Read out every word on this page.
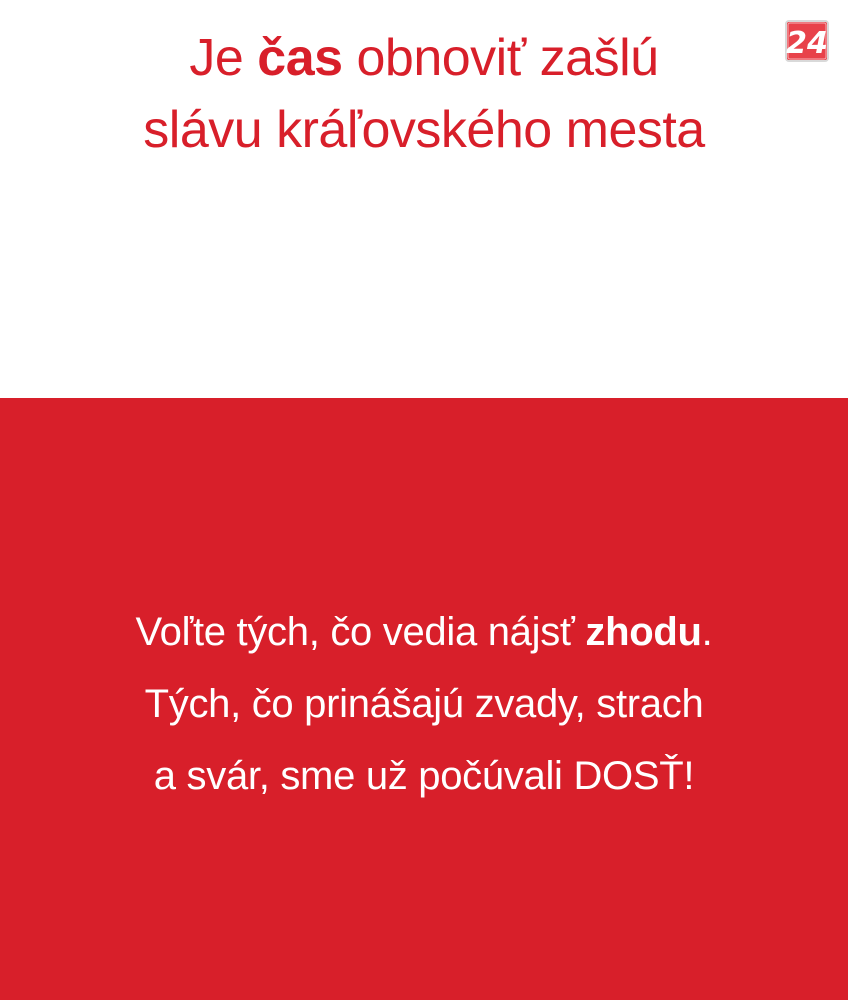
Je čas obnoviť zašlú
slávu kráľovského mesta
24
Voľte tých, čo vedia nájsť zhodu.
Tých, čo prinášajú zvady, strach
a svár, sme už počúvali DOSŤ!
